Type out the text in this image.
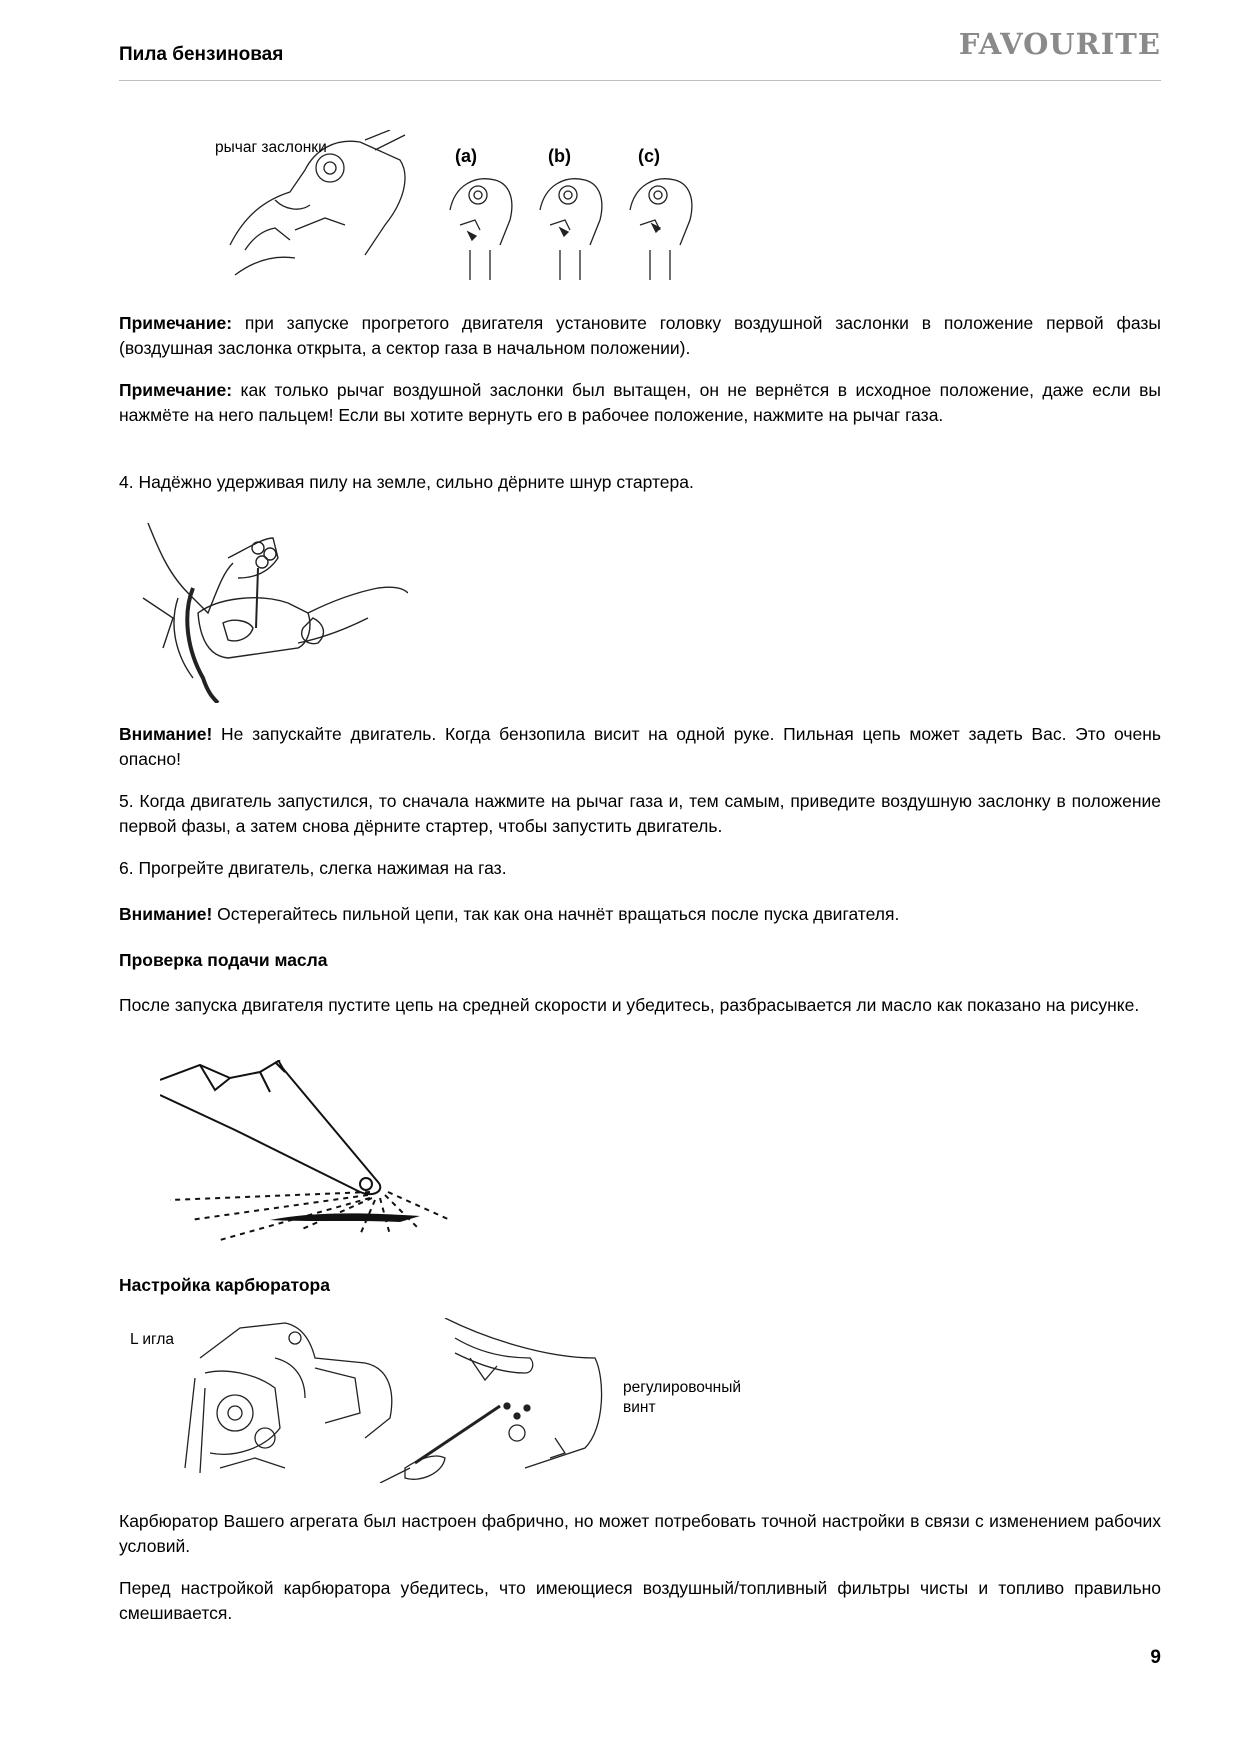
Пила бензиновая	FAVOURITE
рычаг заслонки	(a)	(b)	(c)

Примечание: при запуске прогретого двигателя установите головку воздушной заслонки в положение первой фазы (воздушная заслонка открыта, а сектор газа в начальном положении).

Примечание: как только рычаг воздушной заслонки был вытащен, он не вернётся в исходное положение, даже если вы нажмёте на него пальцем! Если вы хотите вернуть его в рабочее положение, нажмите на рычаг газа.

4. Надёжно удерживая пилу на земле, сильно дёрните шнур стартера.

Внимание! Не запускайте двигатель. Когда бензопила висит на одной руке. Пильная цепь может задеть Вас. Это очень опасно!

5. Когда двигатель запустился, то сначала нажмите на рычаг газа и, тем самым, приведите воздушную заслонку в положение первой фазы, а затем снова дёрните стартер, чтобы запустить двигатель.

6. Прогрейте двигатель, слегка нажимая на газ.

Внимание! Остерегайтесь пильной цепи, так как она начнёт вращаться после пуска двигателя.

Проверка подачи масла

После запуска двигателя пустите цепь на средней скорости и убедитесь, разбрасывается ли масло как показано на рисунке.

Настройка карбюратора
L игла
регулировочный
винт

Карбюратор Вашего агрегата был настроен фабрично, но может потребовать точной настройки в связи с изменением рабочих условий.

Перед настройкой карбюратора убедитесь, что имеющиеся воздушный/топливный фильтры чисты и топливо правильно смешивается.

9
